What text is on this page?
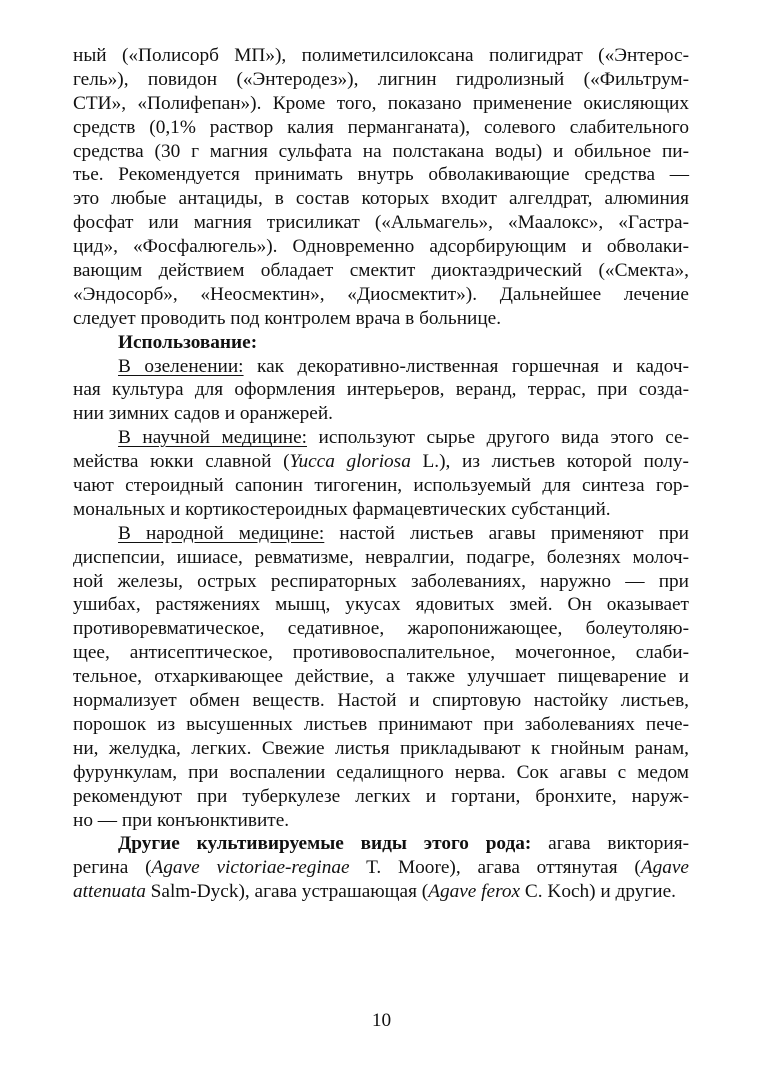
ный («Полисорб МП»), полиметилсилоксана полигидрат («Энтерос-
гель»), повидон («Энтеродез»), лигнин гидролизный («Фильтрум-
СТИ», «Полифепан»). Кроме того, показано применение окисляющих
средств (0,1% раствор калия перманганата), солевого слабительного
средства (30 г магния сульфата на полстакана воды) и обильное пи-
тье. Рекомендуется принимать внутрь обволакивающие средства —
это любые антациды, в состав которых входит алгелдрат, алюминия
фосфат или магния трисиликат («Альмагель», «Маалокс», «Гастра-
цид», «Фосфалюгель»). Одновременно адсорбирующим и обволаки-
вающим действием обладает смектит диоктаэдрический («Смекта»,
«Эндосорб», «Неосмектин», «Диосмектит»). Дальнейшее лечение
следует проводить под контролем врача в больнице.
Использование:
В озеленении: как декоративно-лиственная горшечная и кадоч-
ная культура для оформления интерьеров, веранд, террас, при созда-
нии зимних садов и оранжерей.
В научной медицине: используют сырье другого вида этого се-
мейства юкки славной (Yucca gloriosa L.), из листьев которой полу-
чают стероидный сапонин тигогенин, используемый для синтеза гор-
мональных и кортикостероидных фармацевтических субстанций.
В народной медицине: настой листьев агавы применяют при
диспепсии, ишиасе, ревматизме, невралгии, подагре, болезнях молоч-
ной железы, острых респираторных заболеваниях, наружно — при
ушибах, растяжениях мышц, укусах ядовитых змей. Он оказывает
противоревматическое, седативное, жаропонижающее, болеутоляю-
щее, антисептическое, противовоспалительное, мочегонное, слаби-
тельное, отхаркивающее действие, а также улучшает пищеварение и
нормализует обмен веществ. Настой и спиртовую настойку листьев,
порошок из высушенных листьев принимают при заболеваниях пече-
ни, желудка, легких. Свежие листья прикладывают к гнойным ранам,
фурункулам, при воспалении седалищного нерва. Сок агавы с медом
рекомендуют при туберкулезе легких и гортани, бронхите, наруж-
но — при конъюнктивите.
Другие культивируемые виды этого рода: агава виктория-
регина (Agave victoriae-reginae T. Moore), агава оттянутая (Agave
attenuata Salm-Dyck), агава устрашающая (Agave ferox C. Koch) и другие.
10
